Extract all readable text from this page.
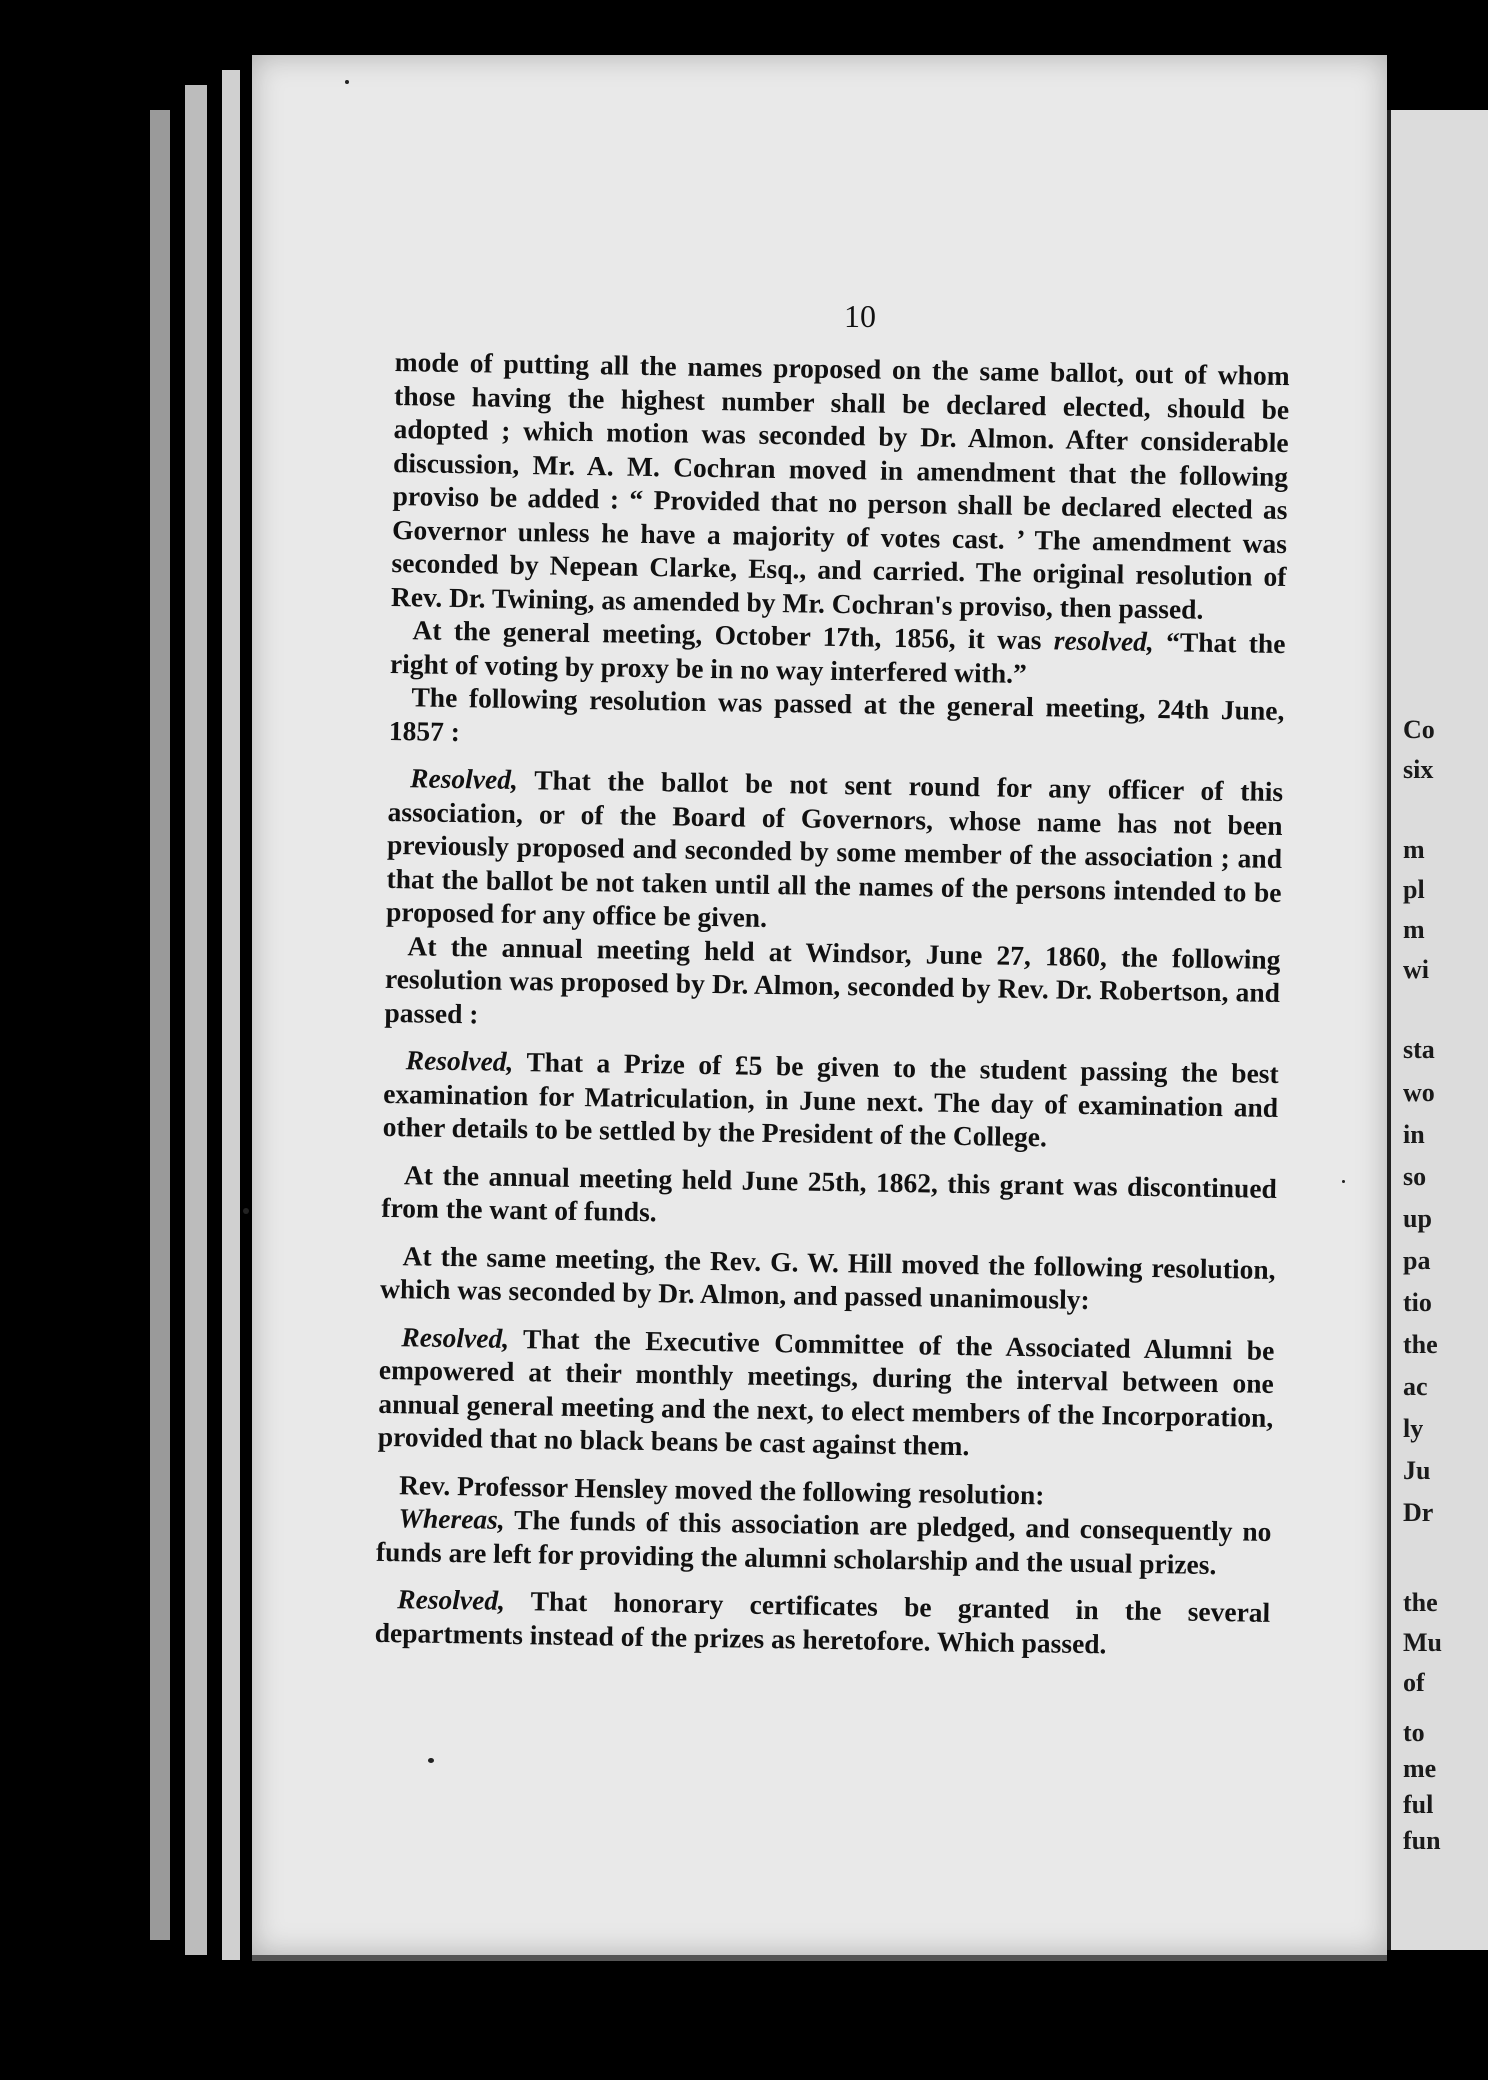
Co
six
m
pl
m
wi
sta
wo
in
so
up
pa
tio
the
ac
ly
Ju
Dr
the
Mu
of
to
me
ful
fun
10

mode of putting all the names proposed on the same ballot, out of whom those having the highest number shall be declared elected, should be adopted ; which motion was seconded by Dr. Almon. After considerable discussion, Mr. A. M. Cochran moved in amendment that the following proviso be added : “ Provided that no person shall be declared elected as Governor unless he have a majority of votes cast. ’ The amendment was seconded by Nepean Clarke, Esq., and carried. The original resolution of Rev. Dr. Twining, as amended by Mr. Cochran's proviso, then passed.

At the general meeting, October 17th, 1856, it was resolved, “That the right of voting by proxy be in no way interfered with.”

The following resolution was passed at the general meeting, 24th June, 1857 :

Resolved, That the ballot be not sent round for any officer of this association, or of the Board of Governors, whose name has not been previously proposed and seconded by some member of the association ; and that the ballot be not taken until all the names of the persons intended to be proposed for any office be given.

At the annual meeting held at Windsor, June 27, 1860, the following resolution was proposed by Dr. Almon, seconded by Rev. Dr. Robertson, and passed :

Resolved, That a Prize of £5 be given to the student passing the best examination for Matriculation, in June next. The day of examination and other details to be settled by the President of the College.

At the annual meeting held June 25th, 1862, this grant was discontinued from the want of funds.

At the same meeting, the Rev. G. W. Hill moved the following resolution, which was seconded by Dr. Almon, and passed unanimously:

Resolved, That the Executive Committee of the Associated Alumni be empowered at their monthly meetings, during the interval between one annual general meeting and the next, to elect members of the Incorporation, provided that no black beans be cast against them.

Rev. Professor Hensley moved the following resolution:

Whereas, The funds of this association are pledged, and consequently no funds are left for providing the alumni scholarship and the usual prizes.

Resolved, That honorary certificates be granted in the several departments instead of the prizes as heretofore. Which passed.
